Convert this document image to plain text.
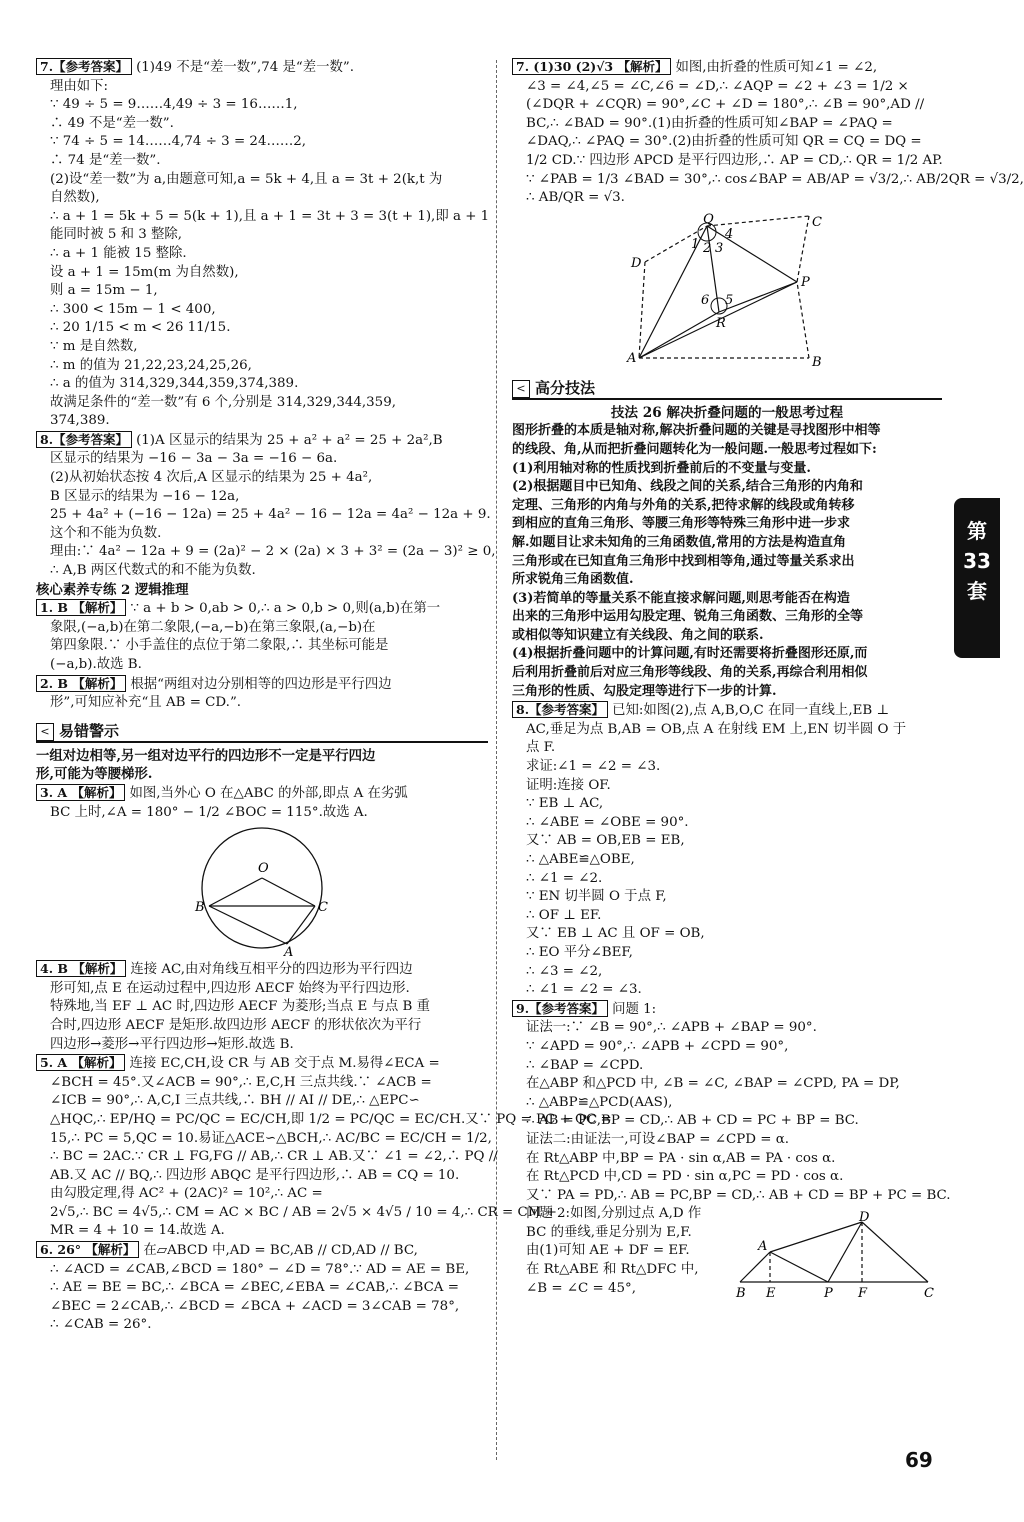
7.【参考答案】 (1)49 不是“差一数”,74 是“差一数”.
理由如下:
∵ 49 ÷ 5 = 9……4,49 ÷ 3 = 16……1,
∴ 49 不是“差一数”.
∵ 74 ÷ 5 = 14……4,74 ÷ 3 = 24……2,
∴ 74 是“差一数”.
(2)设“差一数”为 a,由题意可知,a = 5k + 4,且 a = 3t + 2(k,t 为
自然数),
∴ a + 1 = 5k + 5 = 5(k + 1),且 a + 1 = 3t + 3 = 3(t + 1),即 a + 1
能同时被 5 和 3 整除,
∴ a + 1 能被 15 整除.
设 a + 1 = 15m(m 为自然数),
则 a = 15m − 1,
∴ 300 < 15m − 1 < 400,
∴ 20 1/15 < m < 26 11/15.
∵ m 是自然数,
∴ m 的值为 21,22,23,24,25,26,
∴ a 的值为 314,329,344,359,374,389.
故满足条件的“差一数”有 6 个,分别是 314,329,344,359,
374,389.
8.【参考答案】 (1)A 区显示的结果为 25 + a² + a² = 25 + 2a²,B
区显示的结果为 −16 − 3a − 3a = −16 − 6a.
(2)从初始状态按 4 次后,A 区显示的结果为 25 + 4a²,
B 区显示的结果为 −16 − 12a,
25 + 4a² + (−16 − 12a) = 25 + 4a² − 16 − 12a = 4a² − 12a + 9.
这个和不能为负数.
理由:∵ 4a² − 12a + 9 = (2a)² − 2 × (2a) × 3 + 3² = (2a − 3)² ≥ 0,
∴ A,B 两区代数式的和不能为负数.
核心素养专练 2 逻辑推理
1. B 【解析】 ∵ a + b > 0,ab > 0,∴ a > 0,b > 0,则(a,b)在第一
象限,(−a,b)在第二象限,(−a,−b)在第三象限,(a,−b)在
第四象限.∵ 小手盖住的点位于第二象限,∴ 其坐标可能是
(−a,b).故选 B.
2. B 【解析】 根据“两组对边分别相等的四边形是平行四边
形”,可知应补充“且 AB = CD.”.
< 易错警示
一组对边相等,另一组对边平行的四边形不一定是平行四边
形,可能为等腰梯形.
3. A 【解析】 如图,当外心 O 在△ABC 的外部,即点 A 在劣弧
BC 上时,∠A = 180° − 1/2 ∠BOC = 115°.故选 A.
O
B	C
A
4. B 【解析】 连接 AC,由对角线互相平分的四边形为平行四边
形可知,点 E 在运动过程中,四边形 AECF 始终为平行四边形.
特殊地,当 EF ⊥ AC 时,四边形 AECF 为菱形;当点 E 与点 B 重
合时,四边形 AECF 是矩形.故四边形 AECF 的形状依次为平行
四边形→菱形→平行四边形→矩形.故选 B.
5. A 【解析】 连接 EC,CH,设 CR 与 AB 交于点 M.易得∠ECA =
∠BCH = 45°.又∠ACB = 90°,∴ E,C,H 三点共线.∵ ∠ACB =
∠ICB = 90°,∴ A,C,I 三点共线,∴ BH // AI // DE,∴ △EPC∽
△HQC,∴ EP/HQ = PC/QC = EC/CH,即 1/2 = PC/QC = EC/CH.又∵ PQ = PC + QC =
15,∴ PC = 5,QC = 10.易证△ACE∽△BCH,∴ AC/BC = EC/CH = 1/2,
∴ BC = 2AC.∵ CR ⊥ FG,FG // AB,∴ CR ⊥ AB.又∵ ∠1 = ∠2,∴ PQ //
AB.又 AC // BQ,∴ 四边形 ABQC 是平行四边形,∴ AB = CQ = 10.
由勾股定理,得 AC² + (2AC)² = 10²,∴ AC =
2√5,∴ BC = 4√5,∴ CM = AC × BC / AB = 2√5 × 4√5 / 10 = 4,∴ CR = CM +
MR = 4 + 10 = 14.故选 A.
6. 26° 【解析】 在▱ABCD 中,AD = BC,AB // CD,AD // BC,
∴ ∠ACD = ∠CAB,∠BCD = 180° − ∠D = 78°.∵ AD = AE = BE,
∴ AE = BE = BC,∴ ∠BCA = ∠BEC,∠EBA = ∠CAB,∴ ∠BCA =
∠BEC = 2∠CAB,∴ ∠BCD = ∠BCA + ∠ACD = 3∠CAB = 78°,
∴ ∠CAB = 26°.
7. (1)30 (2)√3 【解析】 如图,由折叠的性质可知∠1 = ∠2,
∠3 = ∠4,∠5 = ∠C,∠6 = ∠D,∴ ∠AQP = ∠2 + ∠3 = 1/2 ×
(∠DQR + ∠CQR) = 90°,∠C + ∠D = 180°,∴ ∠B = 90°,AD //
BC,∴ ∠BAD = 90°.(1)由折叠的性质可知∠BAP = ∠PAQ =
∠DAQ,∴ ∠PAQ = 30°.(2)由折叠的性质可知 QR = CQ = DQ =
1/2 CD.∵ 四边形 APCD 是平行四边形,∴ AP = CD,∴ QR = 1/2 AP.
∵ ∠PAB = 1/3 ∠BAD = 30°,∴ cos∠BAP = AB/AP = √3/2,∴ AB/2QR = √3/2,
∴ AB/QR = √3.
Q	C
D
P
R
A	B
1 2 3
4
5
6
< 高分技法
技法 26 解决折叠问题的一般思考过程
图形折叠的本质是轴对称,解决折叠问题的关键是寻找图形中相等
的线段、角,从而把折叠问题转化为一般问题.一般思考过程如下:
(1)利用轴对称的性质找到折叠前后的不变量与变量.
(2)根据题目中已知角、线段之间的关系,结合三角形的内角和
定理、三角形的内角与外角的关系,把待求解的线段或角转移
到相应的直角三角形、等腰三角形等特殊三角形中进一步求
解.如题目让求未知角的三角函数值,常用的方法是构造直角
三角形或在已知直角三角形中找到相等角,通过等量关系求出
所求锐角三角函数值.
(3)若简单的等量关系不能直接求解问题,则思考能否在构造
出来的三角形中运用勾股定理、锐角三角函数、三角形的全等
或相似等知识建立有关线段、角之间的联系.
(4)根据折叠问题中的计算问题,有时还需要将折叠图形还原,而
后利用折叠前后对应三角形等线段、角的关系,再综合利用相似
三角形的性质、勾股定理等进行下一步的计算.
8.【参考答案】 已知:如图(2),点 A,B,O,C 在同一直线上,EB ⊥
AC,垂足为点 B,AB = OB,点 A 在射线 EM 上,EN 切半圆 O 于
点 F.
求证:∠1 = ∠2 = ∠3.
证明:连接 OF.
∵ EB ⊥ AC,
∴ ∠ABE = ∠OBE = 90°.
又∵ AB = OB,EB = EB,
∴ △ABE≌△OBE,
∴ ∠1 = ∠2.
∵ EN 切半圆 O 于点 F,
∴ OF ⊥ EF.
又∵ EB ⊥ AC 且 OF = OB,
∴ EO 平分∠BEF,
∴ ∠3 = ∠2,
∴ ∠1 = ∠2 = ∠3.
9.【参考答案】 问题 1:
证法一:∵ ∠B = 90°,∴ ∠APB + ∠BAP = 90°.
∵ ∠APD = 90°,∴ ∠APB + ∠CPD = 90°,
∴ ∠BAP = ∠CPD.
在△ABP 和△PCD 中, ∠B = ∠C, ∠BAP = ∠CPD, PA = DP,
∴ △ABP≌△PCD(AAS),
∴ AB = PC,BP = CD,∴ AB + CD = PC + BP = BC.
证法二:由证法一,可设∠BAP = ∠CPD = α.
在 Rt△ABP 中,BP = PA · sin α,AB = PA · cos α.
在 Rt△PCD 中,CD = PD · sin α,PC = PD · cos α.
又∵ PA = PD,∴ AB = PC,BP = CD,∴ AB + CD = BP + PC = BC.
问题 2:如图,分别过点 A,D 作
BC 的垂线,垂足分别为 E,F.
由(1)可知 AE + DF = EF.
在 Rt△ABE 和 Rt△DFC 中,
∠B = ∠C = 45°,
D
A
B E	P F	C
第
33
套
69
